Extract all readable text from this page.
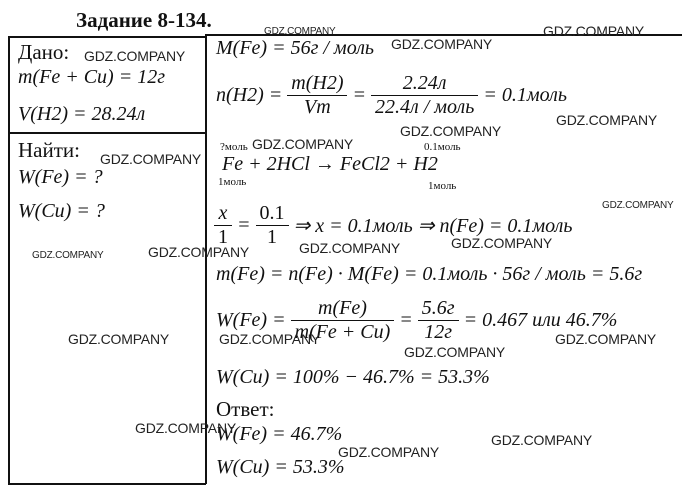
Задание 8-134.
Дано:
m(Fe + Cu) = 12г
V(H2) = 28.24л
Найти:
W(Fe) = ?
W(Cu) = ?
M(Fe) = 56г / моль
$n(H2) = \frac{m(H2)}{Vm} = \frac{2.24л}{\text{22.4л / моль}}$ = 0.1моль
?моль	0.1моль
Fe + 2HCl → FeCl2 + H2
1моль	1моль
$\frac{x}{1} = \frac{0.1}{1}$ ⇒ x = 0.1моль ⇒ n(Fe) = 0.1моль
m(Fe) = n(Fe) · M(Fe) = 0.1моль · 56г / моль = 5.6г
$W(Fe) = \frac{m(Fe)}{m(Fe + Cu)} = \frac{5.6г}{12г} = 0.467$ или 46.7%
W(Cu) = 100% − 46.7% = 53.3%
Ответ:
W(Fe) = 46.7%
W(Cu) = 53.3%
GDZ.COMPANY	GDZ.COMPANY
GDZ.COMPANY
GDZ.COMPANY
GDZ.COMPANY
GDZ.COMPANY
GDZ.COMPANY
GDZ.COMPANY
GDZ.COMPANY
GDZ.COMPANY	GDZ.COMPANY	GDZ.COMPANY	GDZ.COMPANY
GDZ.COMPANY	GDZ.COMPANY
GDZ.COMPANY
GDZ.COMPANY
GDZ.COMPANY
GDZ.COMPANY
GDZ.COMPANY
